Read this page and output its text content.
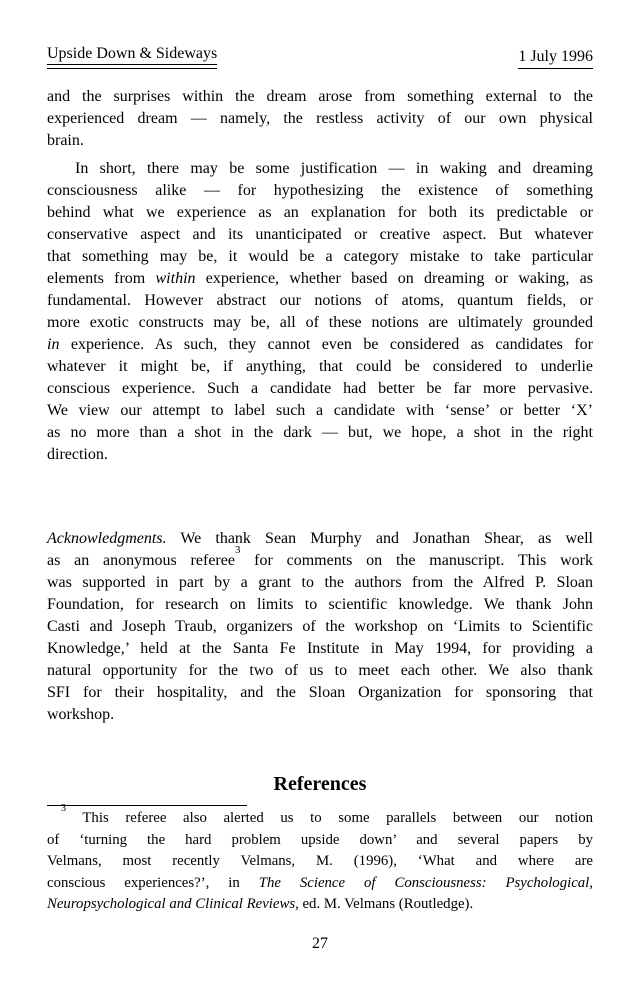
Upside Down & Sideways	1 July 1996
and the surprises within the dream arose from something external to the
experienced dream — namely, the restless activity of our own physical
brain.
In short, there may be some justification — in waking and dreaming
consciousness alike — for hypothesizing the existence of something
behind what we experience as an explanation for both its predictable or
conservative aspect and its unanticipated or creative aspect. But whatever
that something may be, it would be a category mistake to take particular
elements from within experience, whether based on dreaming or waking, as
fundamental. However abstract our notions of atoms, quantum fields, or
more exotic constructs may be, all of these notions are ultimately grounded
in experience. As such, they cannot even be considered as candidates for
whatever it might be, if anything, that could be considered to underlie
conscious experience. Such a candidate had better be far more pervasive.
We view our attempt to label such a candidate with ‘sense’ or better ‘X’
as no more than a shot in the dark — but, we hope, a shot in the right
direction.
Acknowledgments. We thank Sean Murphy and Jonathan Shear, as well
as an anonymous referee$^3$ for comments on the manuscript. This work
was supported in part by a grant to the authors from the Alfred P. Sloan
Foundation, for research on limits to scientific knowledge. We thank John
Casti and Joseph Traub, organizers of the workshop on ‘Limits to Scientific
Knowledge,’ held at the Santa Fe Institute in May 1994, for providing a
natural opportunity for the two of us to meet each other. We also thank
SFI for their hospitality, and the Sloan Organization for sponsoring that
workshop.
References
$^3$ This referee also alerted us to some parallels between our notion
of ‘turning the hard problem upside down’ and several papers by
Velmans, most recently Velmans, M. (1996), ‘What and where are
conscious experiences?’, in The Science of Consciousness: Psychological,
Neuropsychological and Clinical Reviews, ed. M. Velmans (Routledge).
27
